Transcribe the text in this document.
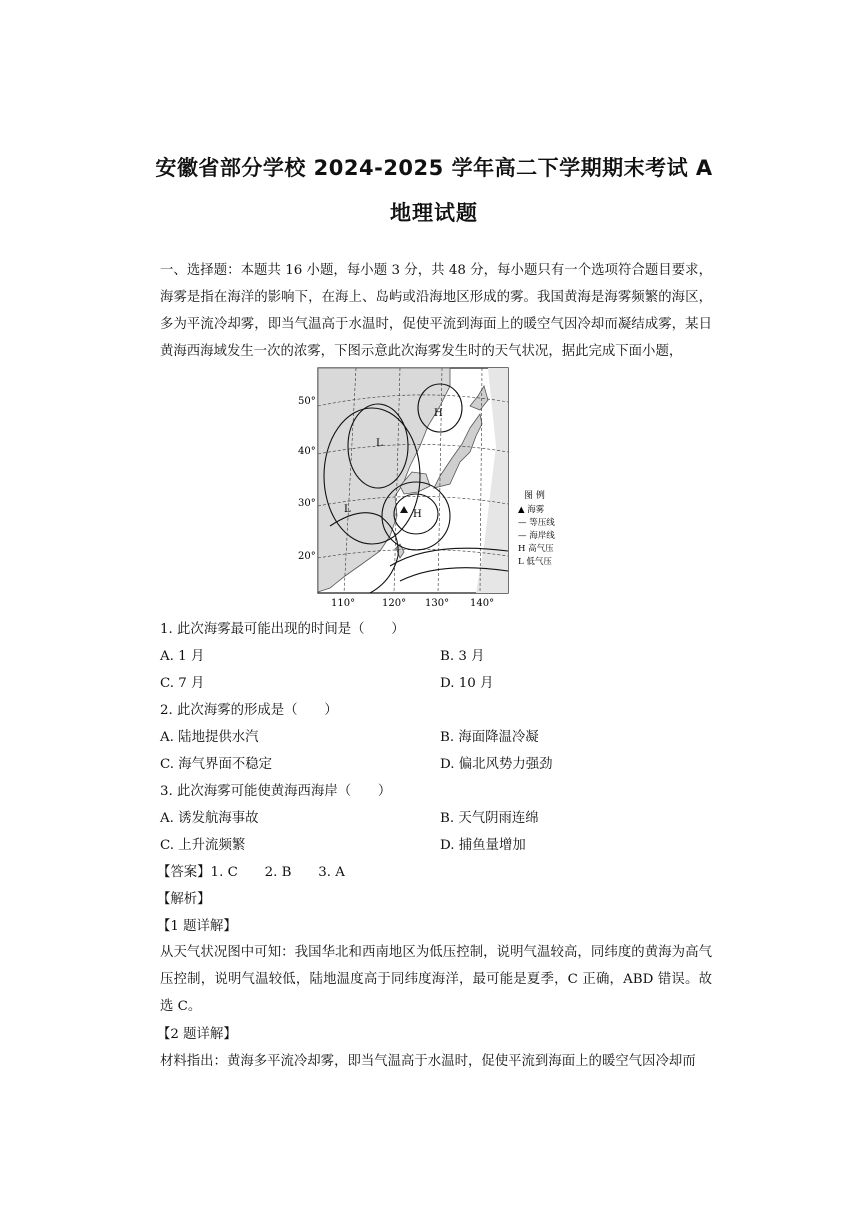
安徽省部分学校 2024-2025 学年高二下学期期末考试 A
地理试题
一、选择题：本题共 16 小题，每小题 3 分，共 48 分，每小题只有一个选项符合题目要求，海雾是指在海洋的影响下，在海上、岛屿或沿海地区形成的雾。我国黄海是海雾频繁的海区，多为平流冷却雾，即当气温高于水温时，促使平流到海面上的暖空气因冷却而凝结成雾，某日黄海西海域发生一次的浓雾，下图示意此次海雾发生时的天气状况，据此完成下面小题，
L
L
H
H
50°
40°
30°
20°
110°	120° 130° 140°
图 例
▲ 海雾
— 等压线
— 海岸线
H 高气压
L 低气压
1. 此次海雾最可能出现的时间是（　　）
A. 1 月	B. 3 月
C. 7 月	D. 10 月
2. 此次海雾的形成是（　　）
A. 陆地提供水汽	B. 海面降温冷凝
C. 海气界面不稳定	D. 偏北风势力强劲
3. 此次海雾可能使黄海西海岸（　　）
A. 诱发航海事故	B. 天气阴雨连绵
C. 上升流频繁	D. 捕鱼量增加
【答案】1. C　　2. B　　3. A
【解析】
【1 题详解】
从天气状况图中可知：我国华北和西南地区为低压控制，说明气温较高，同纬度的黄海为高气压控制，说明气温较低，陆地温度高于同纬度海洋，最可能是夏季，C 正确，ABD 错误。故选 C。
【2 题详解】
材料指出：黄海多平流冷却雾，即当气温高于水温时，促使平流到海面上的暖空气因冷却而
